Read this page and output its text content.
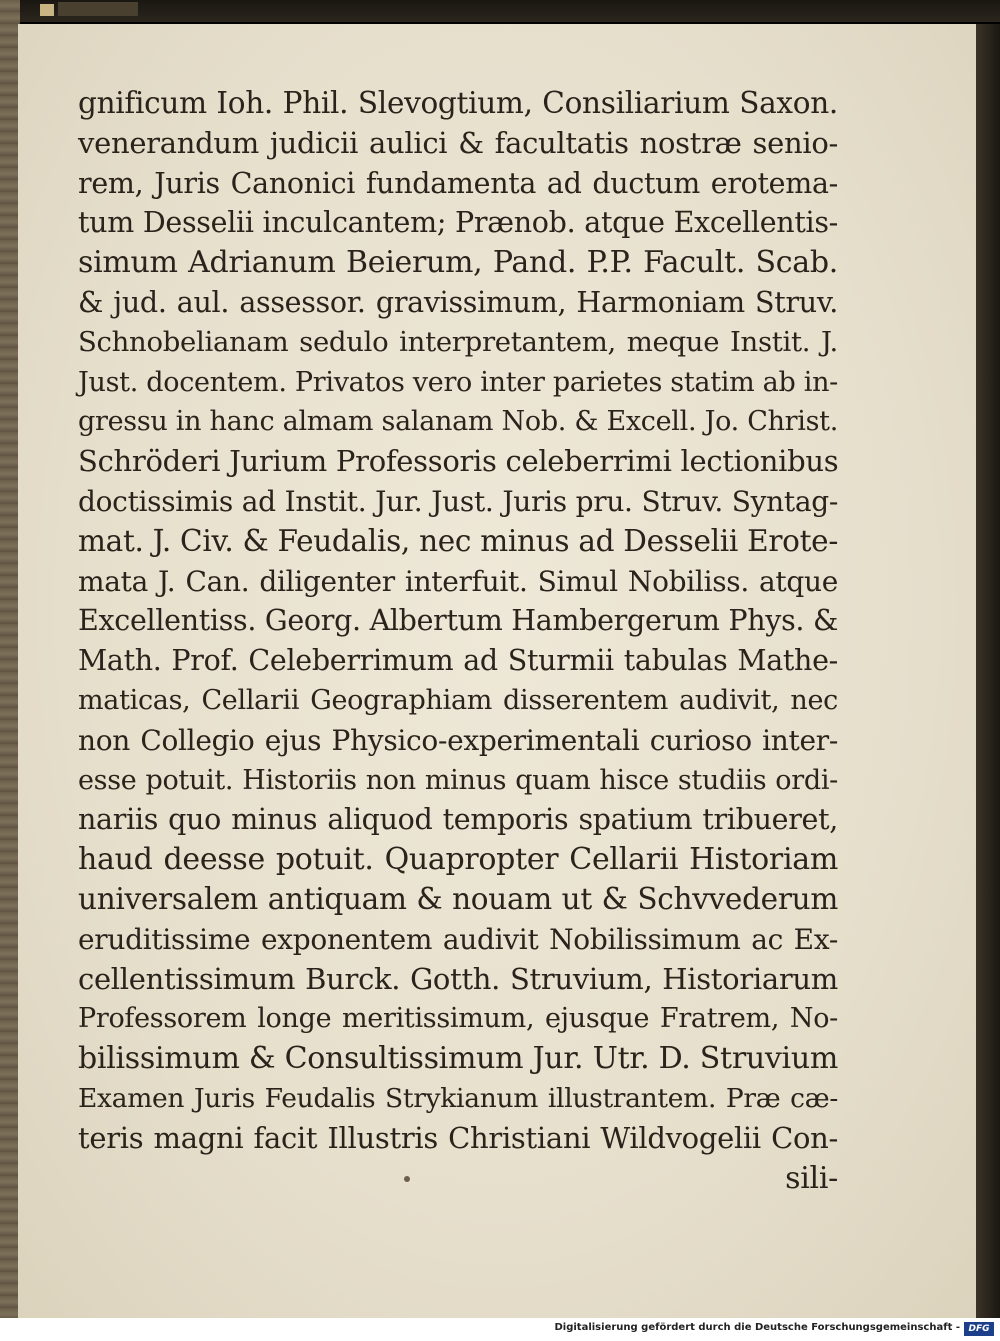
gnificum Ioh. Phil. Slevogtium, Consiliarium Saxon.
venerandum judicii aulici & facultatis nostræ senio-
rem, Juris Canonici fundamenta ad ductum erotema-
tum Desselii inculcantem; Prænob. atque Excellentis-
simum Adrianum Beierum, Pand. P.P. Facult. Scab.
& jud. aul. assessor. gravissimum, Harmoniam Struv.
Schnobelianam sedulo interpretantem, meque Instit. J.
Just. docentem. Privatos vero inter parietes statim ab in-
gressu in hanc almam salanam Nob. & Excell. Jo. Christ.
Schröderi Jurium Professoris celeberrimi lectionibus
doctissimis ad Instit. Jur. Just. Juris pru. Struv. Syntag-
mat. J. Civ. & Feudalis, nec minus ad Desselii Erote-
mata J. Can. diligenter interfuit. Simul Nobiliss. atque
Excellentiss. Georg. Albertum Hambergerum Phys. &
Math. Prof. Celeberrimum ad Sturmii tabulas Mathe-
maticas, Cellarii Geographiam disserentem audivit, nec
non Collegio ejus Physico-experimentali curioso inter-
esse potuit. Historiis non minus quam hisce studiis ordi-
nariis quo minus aliquod temporis spatium tribueret,
haud deesse potuit. Quapropter Cellarii Historiam
universalem antiquam & nouam ut & Schvvederum
eruditissime exponentem audivit Nobilissimum ac Ex-
cellentissimum Burck. Gotth. Struvium, Historiarum
Professorem longe meritissimum, ejusque Fratrem, No-
bilissimum & Consultissimum Jur. Utr. D. Struvium
Examen Juris Feudalis Strykianum illustrantem. Præ cæ-
teris magni facit Illustris Christiani Wildvogelii Con-
sili-
Digitalisierung gefördert durch die Deutsche Forschungsgemeinschaft - DFG
